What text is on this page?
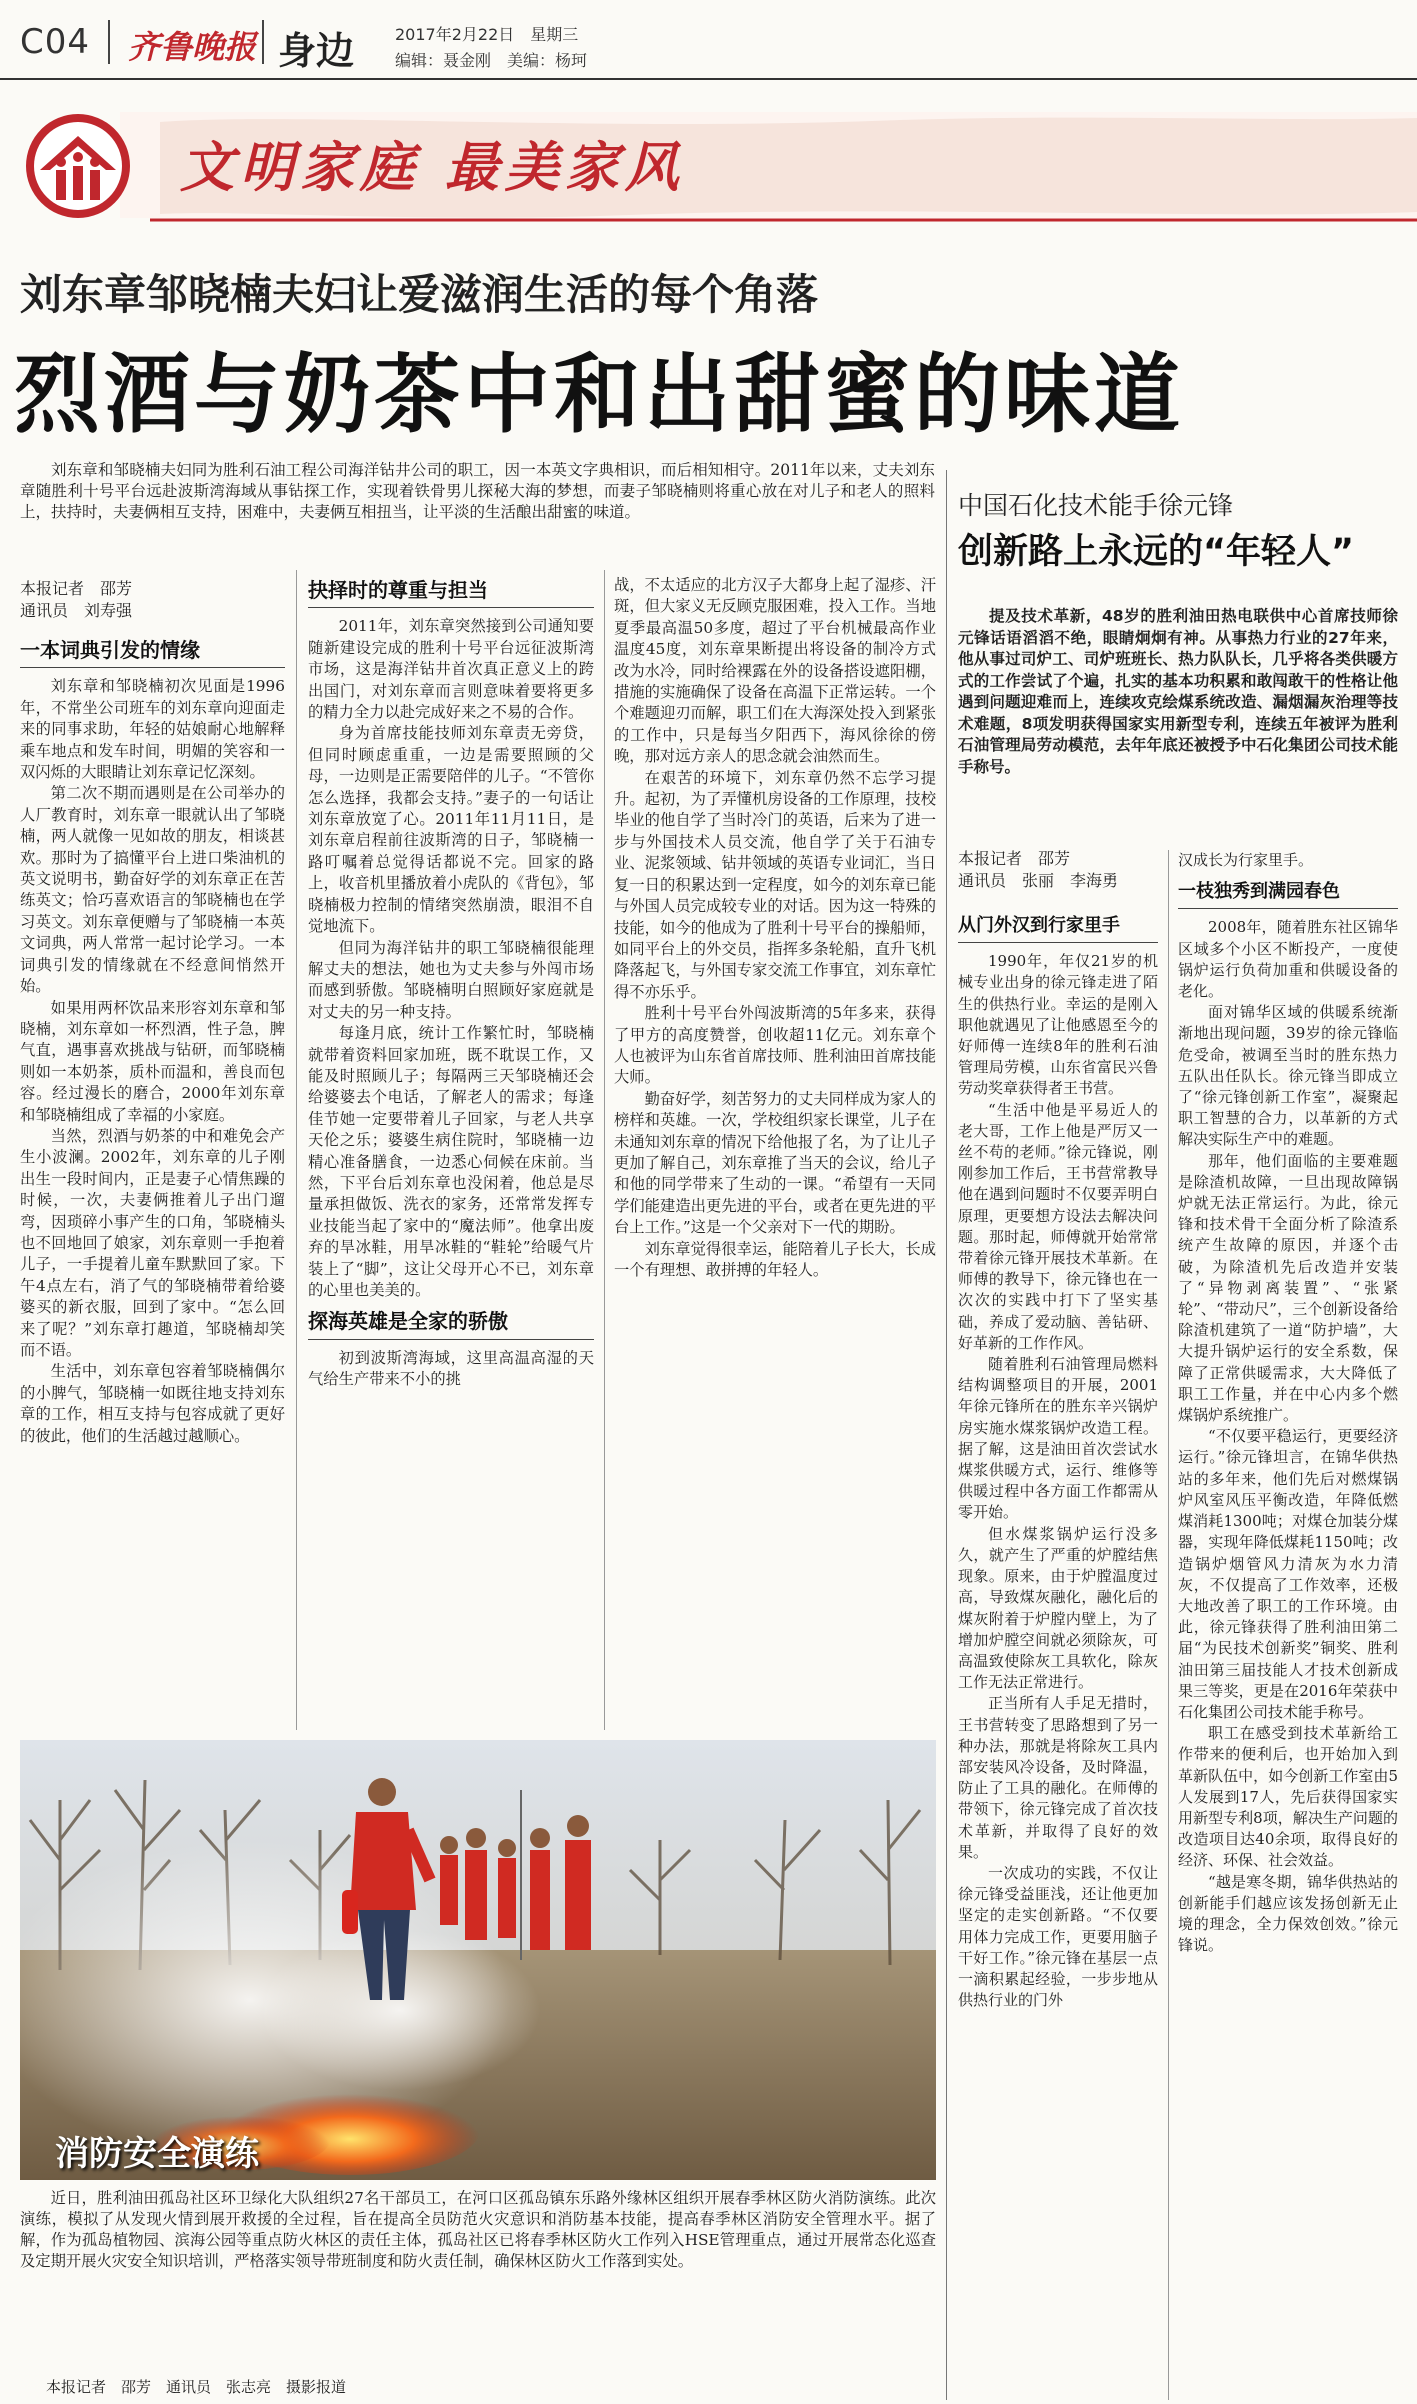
C04 齐鲁晚报 身边	2017年2月22日　星期三
编辑：聂金刚　美编：杨珂
文明家庭 最美家风
刘东章邹晓楠夫妇让爱滋润生活的每个角落
烈酒与奶茶中和出甜蜜的味道
刘东章和邹晓楠夫妇同为胜利石油工程公司海洋钻井公司的职工，因一本英文字典相识，而后相知相守。2011年以来，丈夫刘东章随胜利十号平台远赴波斯湾海域从事钻探工作，实现着铁骨男儿探秘大海的梦想，而妻子邹晓楠则将重心放在对儿子和老人的照料上，扶持时，夫妻俩相互支持，困难中，夫妻俩互相扭当，让平淡的生活酿出甜蜜的味道。
本报记者　邵芳
通讯员　刘寿强
一本词典引发的情缘

刘东章和邹晓楠初次见面是1996年，不常坐公司班车的刘东章向迎面走来的同事求助，年轻的姑娘耐心地解释乘车地点和发车时间，明媚的笑容和一双闪烁的大眼睛让刘东章记忆深刻。

第二次不期而遇则是在公司举办的人厂教育时，刘东章一眼就认出了邹晓楠，两人就像一见如故的朋友，相谈甚欢。那时为了搞懂平台上进口柴油机的英文说明书，勤奋好学的刘东章正在苦练英文；恰巧喜欢语言的邹晓楠也在学习英文。刘东章便赠与了邹晓楠一本英文词典，两人常常一起讨论学习。一本词典引发的情缘就在不经意间悄然开始。

如果用两杯饮品来形容刘东章和邹晓楠，刘东章如一杯烈酒，性子急，脾气直，遇事喜欢挑战与钻研，而邹晓楠则如一本奶茶，质朴而温和，善良而包容。经过漫长的磨合，2000年刘东章和邹晓楠组成了幸福的小家庭。

当然，烈酒与奶茶的中和难免会产生小波澜。2002年，刘东章的儿子刚出生一段时间内，正是妻子心情焦躁的时候，一次，夫妻俩推着儿子出门遛弯，因琐碎小事产生的口角，邹晓楠头也不回地回了娘家，刘东章则一手抱着儿子，一手提着儿童车默默回了家。下午4点左右，消了气的邹晓楠带着给婆婆买的新衣服，回到了家中。“怎么回来了呢？”刘东章打趣道，邹晓楠却笑而不语。

生活中，刘东章包容着邹晓楠偶尔的小脾气，邹晓楠一如既往地支持刘东章的工作，相互支持与包容成就了更好的彼此，他们的生活越过越顺心。

抉择时的尊重与担当

2011年，刘东章突然接到公司通知要随新建设完成的胜利十号平台远征波斯湾市场，这是海洋钻井首次真正意义上的跨出国门，对刘东章而言则意味着要将更多的精力全力以赴完成好来之不易的合作。

身为首席技能技师刘东章责无旁贷，但同时顾虑重重，一边是需要照顾的父母，一边则是正需要陪伴的儿子。“不管你怎么选择，我都会支持。”妻子的一句话让刘东章放宽了心。2011年11月11日，是刘东章启程前往波斯湾的日子，邹晓楠一路叮嘱着总觉得话都说不完。回家的路上，收音机里播放着小虎队的《背包》，邹晓楠极力控制的情绪突然崩溃，眼泪不自觉地流下。

但同为海洋钻井的职工邹晓楠很能理解丈夫的想法，她也为丈夫参与外闯市场而感到骄傲。邹晓楠明白照顾好家庭就是对丈夫的另一种支持。

每逢月底，统计工作繁忙时，邹晓楠就带着资料回家加班，既不耽误工作，又能及时照顾儿子；每隔两三天邹晓楠还会给婆婆去个电话，了解老人的需求；每逢佳节她一定要带着儿子回家，与老人共享天伦之乐；婆婆生病住院时，邹晓楠一边精心准备膳食，一边悉心伺候在床前。当然，下平台后刘东章也没闲着，他总是尽量承担做饭、洗衣的家务，还常常发挥专业技能当起了家中的“魔法师”。他拿出废弃的旱冰鞋，用旱冰鞋的“鞋轮”给暖气片装上了“脚”，这让父母开心不已，刘东章的心里也美美的。

探海英雄是全家的骄傲

初到波斯湾海域，这里高温高湿的天气给生产带来不小的挑

战，不太适应的北方汉子大都身上起了湿疹、汗斑，但大家义无反顾克服困难，投入工作。当地夏季最高温50多度，超过了平台机械最高作业温度45度，刘东章果断提出将设备的制冷方式改为水冷，同时给裸露在外的设备搭设遮阳棚，措施的实施确保了设备在高温下正常运转。一个个难题迎刃而解，职工们在大海深处投入到紧张的工作中，只是每当夕阳西下，海风徐徐的傍晚，那对远方亲人的思念就会油然而生。

在艰苦的环境下，刘东章仍然不忘学习提升。起初，为了弄懂机房设备的工作原理，技校毕业的他自学了当时冷门的英语，后来为了进一步与外国技术人员交流，他自学了关于石油专业、泥浆领域、钻井领域的英语专业词汇，当日复一日的积累达到一定程度，如今的刘东章已能与外国人员完成较专业的对话。因为这一特殊的技能，如今的他成为了胜利十号平台的操船师，如同平台上的外交员，指挥多条轮船，直升飞机降落起飞，与外国专家交流工作事宜，刘东章忙得不亦乐乎。

胜利十号平台外闯波斯湾的5年多来，获得了甲方的高度赞誉，创收超11亿元。刘东章个人也被评为山东省首席技师、胜利油田首席技能大师。

勤奋好学，刻苦努力的丈夫同样成为家人的榜样和英雄。一次，学校组织家长课堂，儿子在未通知刘东章的情况下给他报了名，为了让儿子更加了解自己，刘东章推了当天的会议，给儿子和他的同学带来了生动的一课。“希望有一天同学们能建造出更先进的平台，或者在更先进的平台上工作。”这是一个父亲对下一代的期盼。

刘东章觉得很幸运，能陪着儿子长大，长成一个有理想、敢拼搏的年轻人。

中国石化技术能手徐元锋
创新路上永远的“年轻人”
提及技术革新，48岁的胜利油田热电联供中心首席技师徐元锋话语滔滔不绝，眼睛炯炯有神。从事热力行业的27年来，他从事过司炉工、司炉班班长、热力队队长，几乎将各类供暖方式的工作尝试了个遍，扎实的基本功积累和敢闯敢干的性格让他遇到问题迎难而上，连续攻克绘煤系统改造、漏烟漏灰治理等技术难题，8项发明获得国家实用新型专利，连续五年被评为胜利石油管理局劳动模范，去年年底还被授予中石化集团公司技术能手称号。
本报记者　邵芳
通讯员　张丽　李海勇
从门外汉到行家里手

1990年，年仅21岁的机械专业出身的徐元锋走进了陌生的供热行业。幸运的是刚入职他就遇见了让他感恩至今的好师傅一连续8年的胜利石油管理局劳模，山东省富民兴鲁劳动奖章获得者王书营。

“生活中他是平易近人的老大哥，工作上他是严厉又一丝不苟的老师。”徐元锋说，刚刚参加工作后，王书营常教导他在遇到问题时不仅要弄明白原理，更要想方设法去解决问题。那时起，师傅就开始常常带着徐元锋开展技术革新。在师傅的教导下，徐元锋也在一次次的实践中打下了坚实基础，养成了爱动脑、善钻研、好革新的工作作风。

随着胜利石油管理局燃料结构调整项目的开展，2001年徐元锋所在的胜东辛兴锅炉房实施水煤浆锅炉改造工程。据了解，这是油田首次尝试水煤浆供暖方式，运行、维修等供暖过程中各方面工作都需从零开始。

但水煤浆锅炉运行没多久，就产生了严重的炉膛结焦现象。原来，由于炉膛温度过高，导致煤灰融化，融化后的煤灰附着于炉膛内壁上，为了增加炉膛空间就必须除灰，可高温致使除灰工具软化，除灰工作无法正常进行。

正当所有人手足无措时，王书营转变了思路想到了另一种办法，那就是将除灰工具内部安装风冷设备，及时降温，防止了工具的融化。在师傅的带领下，徐元锋完成了首次技术革新，并取得了良好的效果。

一次成功的实践，不仅让徐元锋受益匪浅，还让他更加坚定的走实创新路。“不仅要用体力完成工作，更要用脑子干好工作。”徐元锋在基层一点一滴积累起经验，一步步地从供热行业的门外

汉成长为行家里手。
一枝独秀到满园春色

2008年，随着胜东社区锦华区域多个小区不断投产，一度使锅炉运行负荷加重和供暖设备的老化。

面对锦华区域的供暖系统渐渐地出现问题，39岁的徐元锋临危受命，被调至当时的胜东热力五队出任队长。徐元锋当即成立了“徐元锋创新工作室”，凝聚起职工智慧的合力，以革新的方式解决实际生产中的难题。

那年，他们面临的主要难题是除渣机故障，一旦出现故障锅炉就无法正常运行。为此，徐元锋和技术骨干全面分析了除渣系统产生故障的原因，并逐个击破，为除渣机先后改造并安装了“异物剥离装置”、“张紧轮”、“带动尺”，三个创新设备给除渣机建筑了一道“防护墙”，大大提升锅炉运行的安全系数，保障了正常供暖需求，大大降低了职工工作量，并在中心内多个燃煤锅炉系统推广。

“不仅要平稳运行，更要经济运行。”徐元锋坦言，在锦华供热站的多年来，他们先后对燃煤锅炉风室风压平衡改造，年降低燃煤消耗1300吨；对煤仓加装分煤器，实现年降低煤耗1150吨；改造锅炉烟管风力清灰为水力清灰，不仅提高了工作效率，还极大地改善了职工的工作环境。由此，徐元锋获得了胜利油田第二届“为民技术创新奖”铜奖、胜利油田第三届技能人才技术创新成果三等奖，更是在2016年荣获中石化集团公司技术能手称号。

职工在感受到技术革新给工作带来的便利后，也开始加入到革新队伍中，如今创新工作室由5人发展到17人，先后获得国家实用新型专利8项，解决生产问题的改造项目达40余项，取得良好的经济、环保、社会效益。

“越是寒冬期，锦华供热站的创新能手们越应该发扬创新无止境的理念，全力保效创效。”徐元锋说。

消防安全演练
近日，胜利油田孤岛社区环卫绿化大队组织27名干部员工，在河口区孤岛镇东乐路外缘林区组织开展春季林区防火消防演练。此次演练，模拟了从发现火情到展开救援的全过程，旨在提高全员防范火灾意识和消防基本技能，提高春季林区消防安全管理水平。据了解，作为孤岛植物园、滨海公园等重点防火林区的责任主体，孤岛社区已将春季林区防火工作列入HSE管理重点，通过开展常态化巡查及定期开展火灾安全知识培训，严格落实领导带班制度和防火责任制，确保林区防火工作落到实处。
本报记者　邵芳　通讯员　张志亮　摄影报道
